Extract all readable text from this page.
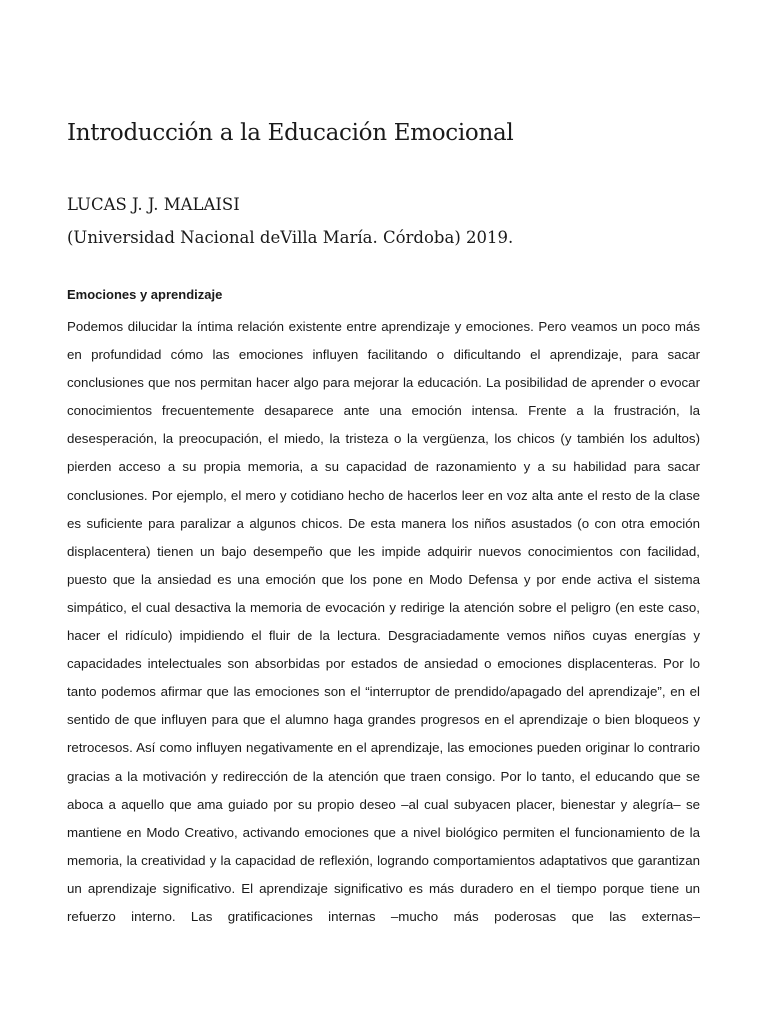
Introducción a la Educación Emocional

LUCAS J. J. MALAISI

(Universidad Nacional deVilla María. Córdoba) 2019.

Emociones y aprendizaje

Podemos dilucidar la íntima relación existente entre aprendizaje y emociones. Pero veamos un poco más en profundidad cómo las emociones influyen facilitando o dificultando el aprendizaje, para sacar conclusiones que nos permitan hacer algo para mejorar la educación. La posibilidad de aprender o evocar conocimientos frecuentemente desaparece ante una emoción intensa. Frente a la frustración, la desesperación, la preocupación, el miedo, la tristeza o la vergüenza, los chicos (y también los adultos) pierden acceso a su propia memoria, a su capacidad de razonamiento y a su habilidad para sacar conclusiones. Por ejemplo, el mero y cotidiano hecho de hacerlos leer en voz alta ante el resto de la clase es suficiente para paralizar a algunos chicos. De esta manera los niños asustados (o con otra emoción displacentera) tienen un bajo desempeño que les impide adquirir nuevos conocimientos con facilidad, puesto que la ansiedad es una emoción que los pone en Modo Defensa y por ende activa el sistema simpático, el cual desactiva la memoria de evocación y redirige la atención sobre el peligro (en este caso, hacer el ridículo) impidiendo el fluir de la lectura. Desgraciadamente vemos niños cuyas energías y capacidades intelectuales son absorbidas por estados de ansiedad o emociones displacenteras. Por lo tanto podemos afirmar que las emociones son el “interruptor de prendido/apagado del aprendizaje”, en el sentido de que influyen para que el alumno haga grandes progresos en el aprendizaje o bien bloqueos y retrocesos. Así como influyen negativamente en el aprendizaje, las emociones pueden originar lo contrario gracias a la motivación y redirección de la atención que traen consigo. Por lo tanto, el educando que se aboca a aquello que ama guiado por su propio deseo –al cual subyacen placer, bienestar y alegría– se mantiene en Modo Creativo, activando emociones que a nivel biológico permiten el funcionamiento de la memoria, la creatividad y la capacidad de reflexión, logrando comportamientos adaptativos que garantizan un aprendizaje significativo. El aprendizaje significativo es más duradero en el tiempo porque tiene un refuerzo interno. Las gratificaciones internas –mucho más poderosas que las externas–
